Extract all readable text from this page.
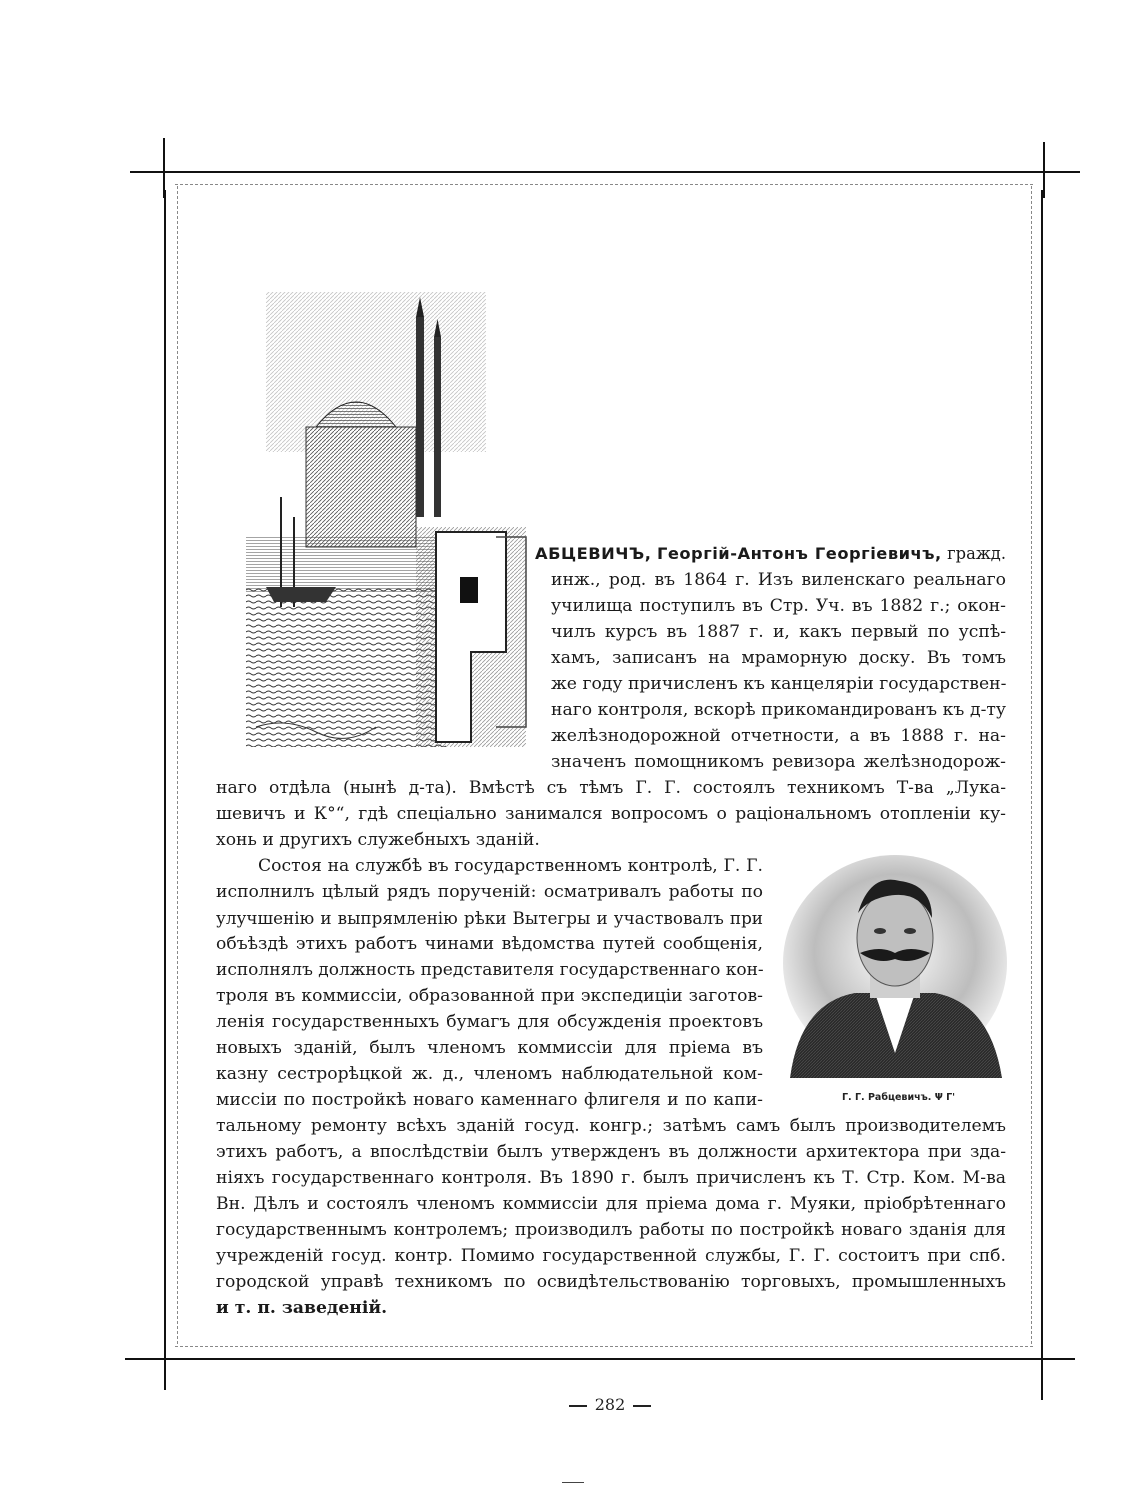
Г. Г. Рабцевичъ. Ψ Г'
АБЦЕВИЧЪ, Георгій-Антонъ Георгіевичъ, гражд.
инж., род. въ 1864 г. Изъ виленскаго реальнаго
училища поступилъ въ Стр. Уч. въ 1882 г.; окон-
чилъ курсъ въ 1887 г. и, какъ первый по успѣ-
хамъ, записанъ на мраморную доску. Въ томъ
же году причисленъ къ канцеляріи государствен-
наго контроля, вскорѣ прикомандированъ къ д-ту
желѣзнодорожной отчетности, а въ 1888 г. на-
значенъ помощникомъ ревизора желѣзнодорож-
наго отдѣла (нынѣ д-та). Вмѣстѣ съ тѣмъ Г. Г. состоялъ техникомъ Т-ва „Лука-
шевичъ и К°“, гдѣ спеціально занимался вопросомъ о раціональномъ отопленіи ку-
хонь и другихъ служебныхъ зданій.
Состоя на службѣ въ государственномъ контролѣ, Г. Г.
исполнилъ цѣлый рядъ порученій: осматривалъ работы по
улучшенію и выпрямленію рѣки Вытегры и участвовалъ при
объѣздѣ этихъ работъ чинами вѣдомства путей сообщенія,
исполнялъ должность представителя государственнаго кон-
троля въ коммиссіи, образованной при экспедиціи заготов-
ленія государственныхъ бумагъ для обсужденія проектовъ
новыхъ зданій, былъ членомъ коммиссіи для пріема въ
казну сестрорѣцкой ж. д., членомъ наблюдательной ком-
миссіи по постройкѣ новаго каменнаго флигеля и по капи-
тальному ремонту всѣхъ зданій госуд. конгр.; затѣмъ самъ былъ производителемъ
этихъ работъ, а впослѣдствіи былъ утвержденъ въ должности архитектора при зда-
ніяхъ государственнаго контроля. Въ 1890 г. былъ причисленъ къ Т. Стр. Ком. М-ва
Вн. Дѣлъ и состоялъ членомъ коммиссіи для пріема дома г. Муяки, пріобрѣтеннаго
государственнымъ контролемъ; производилъ работы по постройкѣ новаго зданія для
учрежденій госуд. контр. Помимо государственной службы, Г. Г. состоитъ при спб.
городской управѣ техникомъ по освидѣтельствованію торговыхъ, промышленныхъ
и т. п. заведеній.
282
